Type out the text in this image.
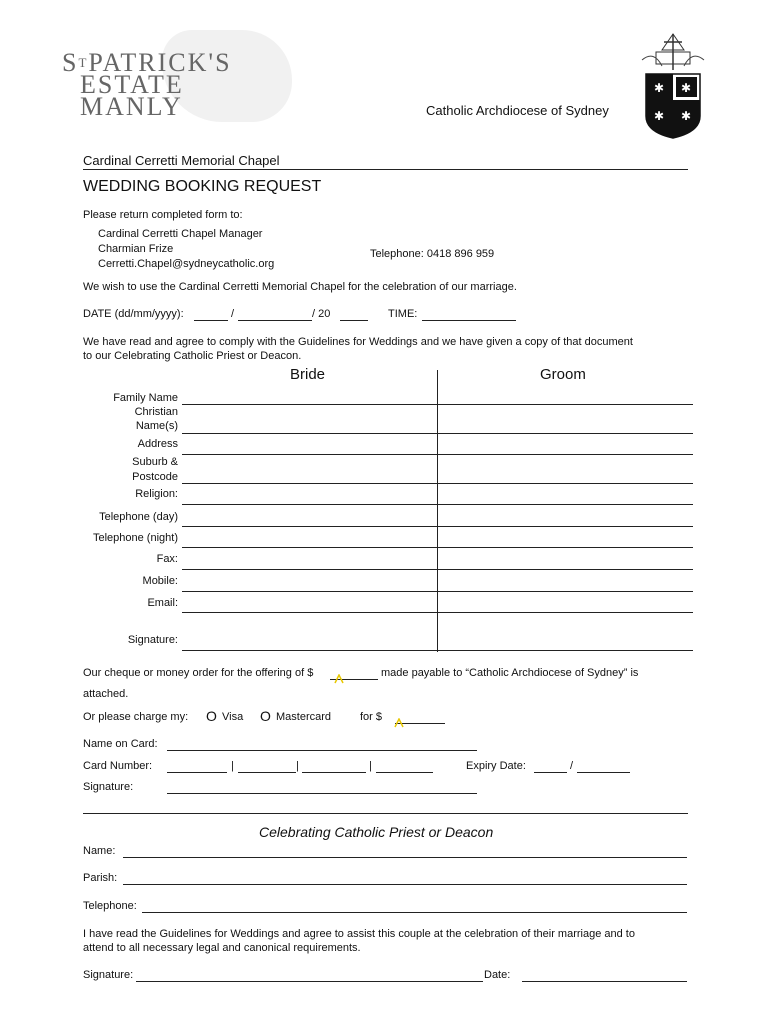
$S^TPATRICK'S$
ESTATE
MANLY	Catholic Archdiocese of Sydney
✱ ✱
✱ ✱
Cardinal Cerretti Memorial Chapel
WEDDING BOOKING REQUEST
Please return completed form to:
Cardinal Cerretti Chapel Manager
Charmian Frize
Cerretti.Chapel@sydneycatholic.org
Telephone: 0418 896 959
We wish to use the Cardinal Cerretti Memorial Chapel for the celebration of our marriage.
DATE (dd/mm/yyyy):	/	/ 20	TIME:
We have read and agree to comply with the Guidelines for Weddings and we have given a copy of that document
to our Celebrating Catholic Priest or Deacon.
Bride	Groom
Family Name
Christian
Name(s)
Address
Suburb &
Postcode
Religion:
Telephone (day)
Telephone (night)
Fax:
Mobile:
Email:
Signature:
Our cheque or money order for the offering of $	made payable to “Catholic Archdiocese of Sydney” is
attached.
Or please charge my: O Visa O Mastercard	for $
Name on Card:
Card Number:	|	|	|	Expiry Date:	/
Signature:
Celebrating Catholic Priest or Deacon
Name:
Parish:
Telephone:
I have read the Guidelines for Weddings and agree to assist this couple at the celebration of their marriage and to
attend to all necessary legal and canonical requirements.
Signature:	Date:
